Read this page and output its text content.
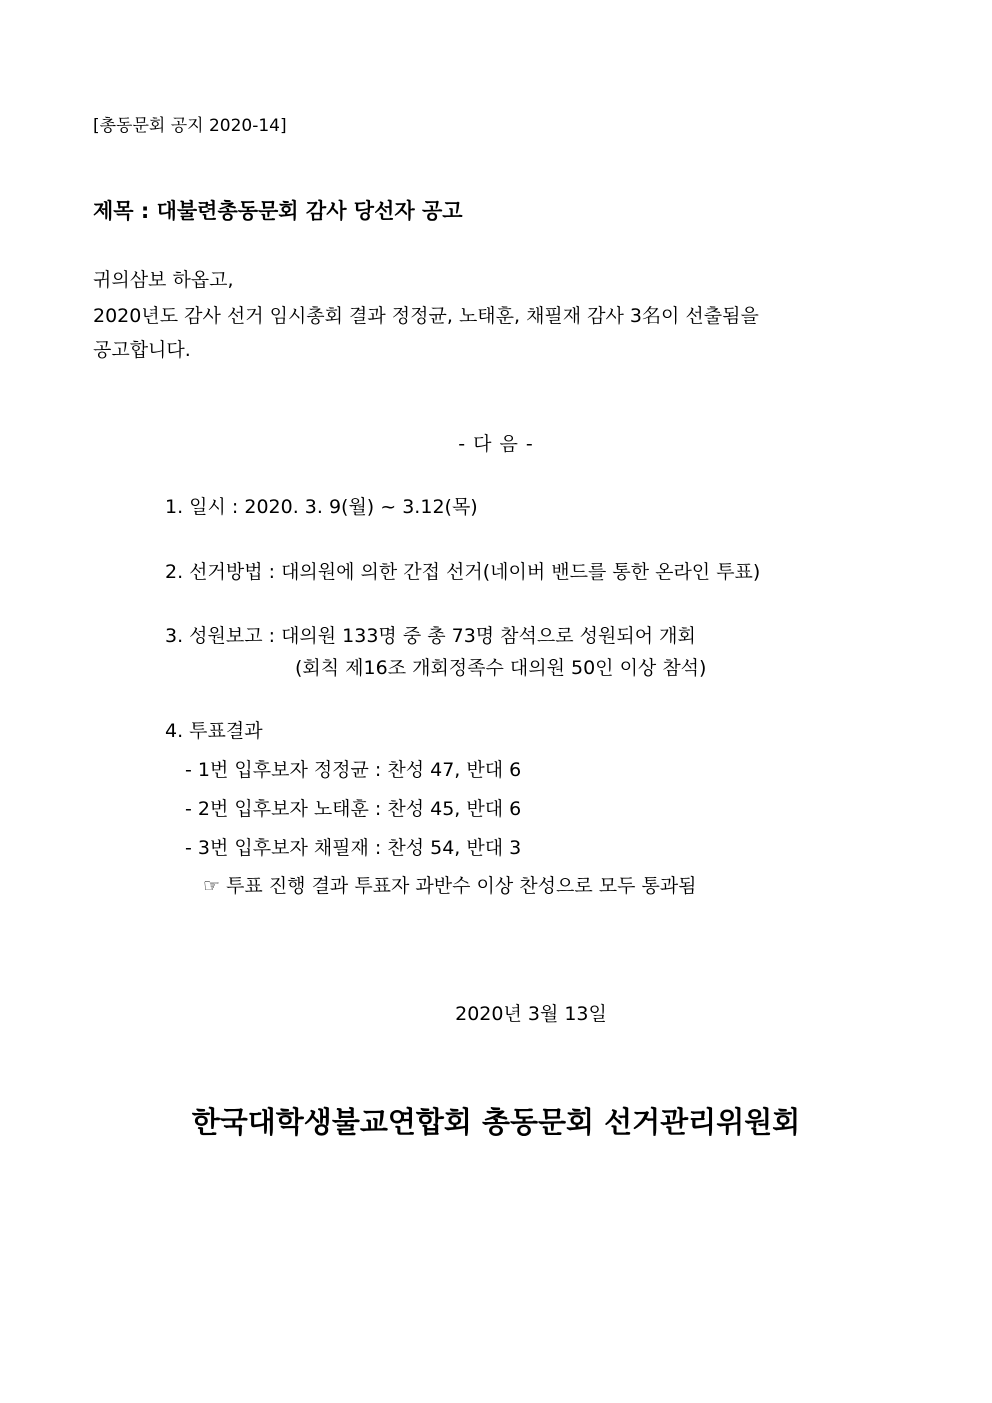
[총동문회 공지 2020-14]
제목 : 대불련총동문회 감사 당선자 공고
귀의삼보 하옵고,
2020년도 감사 선거 임시총회 결과 정정균, 노태훈, 채필재 감사 3名이 선출됨을
공고합니다.
- 다 음 -
1. 일시 : 2020. 3. 9(월) ~ 3.12(목)
2. 선거방법 : 대의원에 의한 간접 선거(네이버 밴드를 통한 온라인 투표)
3. 성원보고 : 대의원 133명 중 총 73명 참석으로 성원되어 개회
(회칙 제16조 개회정족수 대의원 50인 이상 참석)
4. 투표결과
- 1번 입후보자 정정균 : 찬성 47, 반대 6
- 2번 입후보자 노태훈 : 찬성 45, 반대 6
- 3번 입후보자 채필재 : 찬성 54, 반대 3
☞ 투표 진행 결과 투표자 과반수 이상 찬성으로 모두 통과됨
2020년 3월 13일
한국대학생불교연합회 총동문회 선거관리위원회
